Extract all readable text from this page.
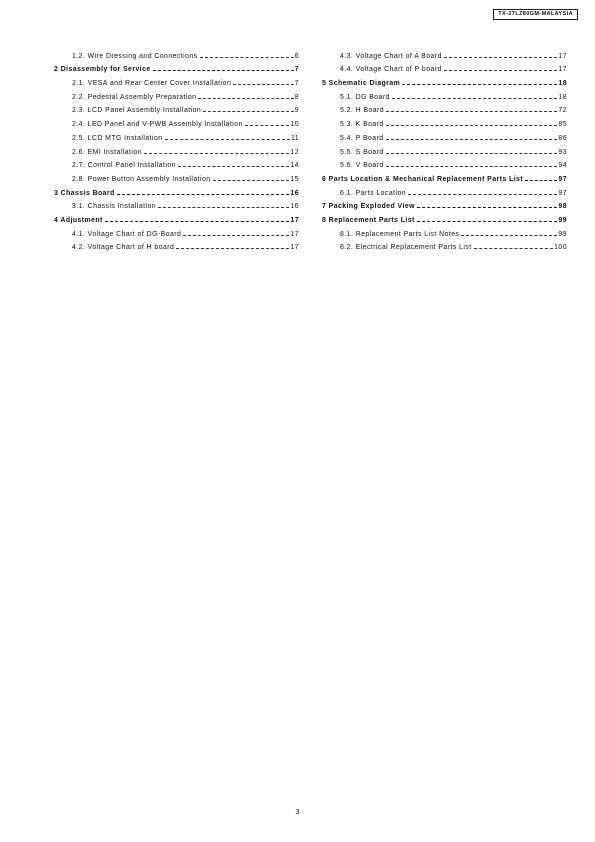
TX-27LZ80GM-MALAYSIA
1.2. Wire Dressing and Connections	6
2 Disassembly for Service	7
2.1. VESA and Rear Center Cover Installation	7
2.2. Pedestal Assembly Preparation	8
2.3. LCD Panel Assembly Installation	9
2.4. LED Panel and V-PWB Assembly Installation	10
2.5. LCD MTG Installation	11
2.6. EMI Installation	12
2.7. Control Panel Installation	14
2.8. Power Button Assembly Installation	15
3 Chassis Board	16
3.1. Chassis Installation	16
4 Adjustment	17
4.1. Voltage Chart of DG-Board	17
4.2. Voltage Chart of H board	17
4.3. Voltage Chart of A Board	17
4.4. Voltage Chart of P board	17
5 Schematic Diagram	18
5.1. DG Board	18
5.2. H Board	72
5.3. K Board	85
5.4. P Board	86
5.5. S Board	93
5.6. V Board	94
6 Parts Location & Mechanical Replacement Parts List	97
6.1. Parts Location	97
7 Packing Exploded View	98
8 Replacement Parts List	99
8.1. Replacement Parts List Notes	99
8.2. Electrical Replacement Parts List	100
3
